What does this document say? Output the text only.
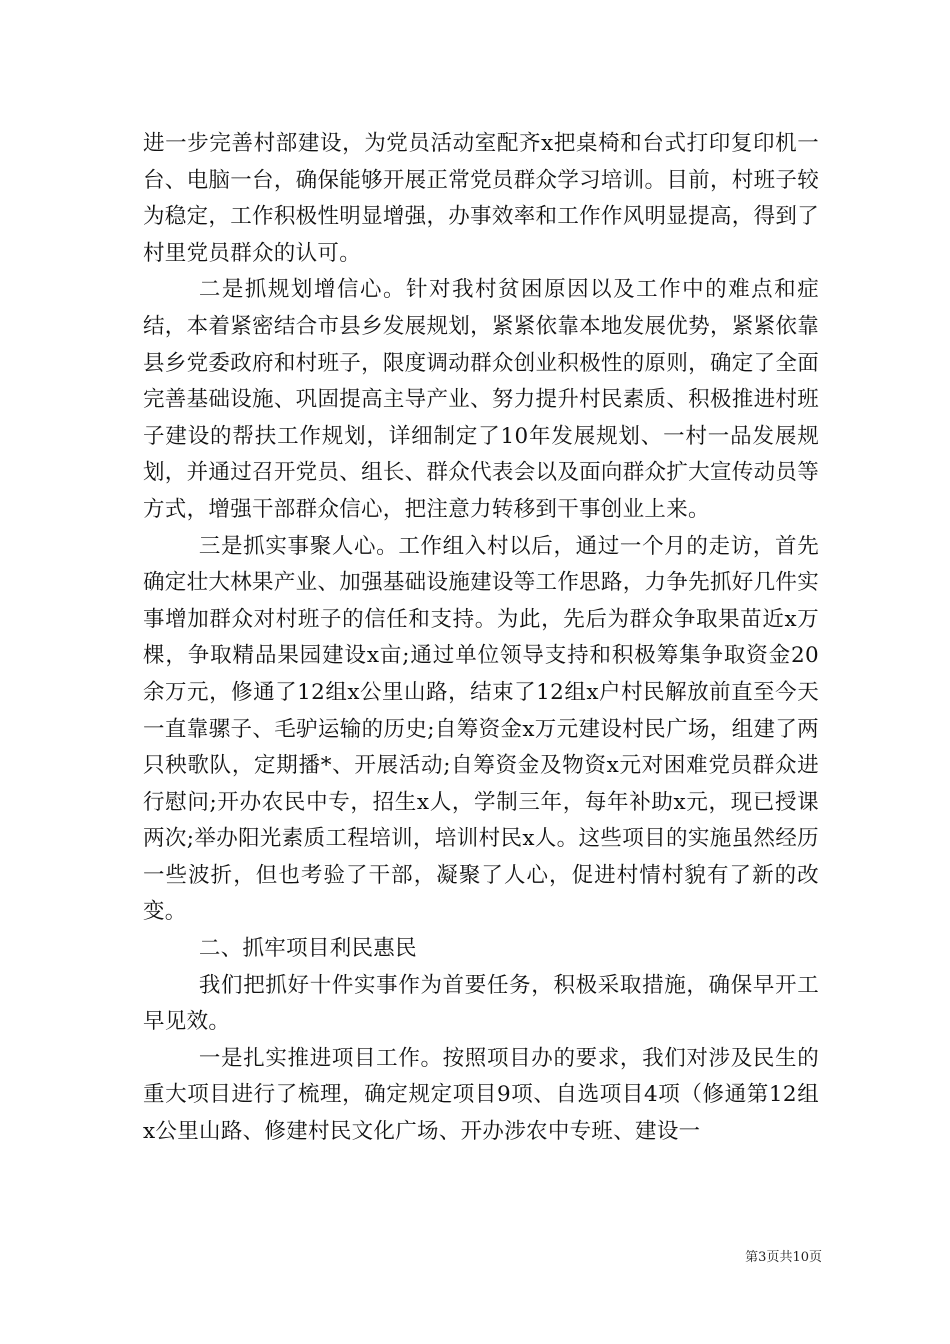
进一步完善村部建设，为党员活动室配齐x把桌椅和台式打印复印机一台、电脑一台，确保能够开展正常党员群众学习培训。目前，村班子较为稳定，工作积极性明显增强，办事效率和工作作风明显提高，得到了村里党员群众的认可。

二是抓规划增信心。针对我村贫困原因以及工作中的难点和症结，本着紧密结合市县乡发展规划，紧紧依靠本地发展优势，紧紧依靠县乡党委政府和村班子，限度调动群众创业积极性的原则，确定了全面完善基础设施、巩固提高主导产业、努力提升村民素质、积极推进村班子建设的帮扶工作规划，详细制定了10年发展规划、一村一品发展规划，并通过召开党员、组长、群众代表会以及面向群众扩大宣传动员等方式，增强干部群众信心，把注意力转移到干事创业上来。

三是抓实事聚人心。工作组入村以后，通过一个月的走访，首先确定壮大林果产业、加强基础设施建设等工作思路，力争先抓好几件实事增加群众对村班子的信任和支持。为此，先后为群众争取果苗近x万棵，争取精品果园建设x亩;通过单位领导支持和积极筹集争取资金20余万元，修通了12组x公里山路，结束了12组x户村民解放前直至今天一直靠骡子、毛驴运输的历史;自筹资金x万元建设村民广场，组建了两只秧歌队，定期播*、开展活动;自筹资金及物资x元对困难党员群众进行慰问;开办农民中专，招生x人，学制三年，每年补助x元，现已授课两次;举办阳光素质工程培训，培训村民x人。这些项目的实施虽然经历一些波折，但也考验了干部，凝聚了人心，促进村情村貌有了新的改变。

二、抓牢项目利民惠民

我们把抓好十件实事作为首要任务，积极采取措施，确保早开工早见效。

一是扎实推进项目工作。按照项目办的要求，我们对涉及民生的重大项目进行了梳理，确定规定项目9项、自选项目4项（修通第12组x公里山路、修建村民文化广场、开办涉农中专班、建设一

第3页共10页
